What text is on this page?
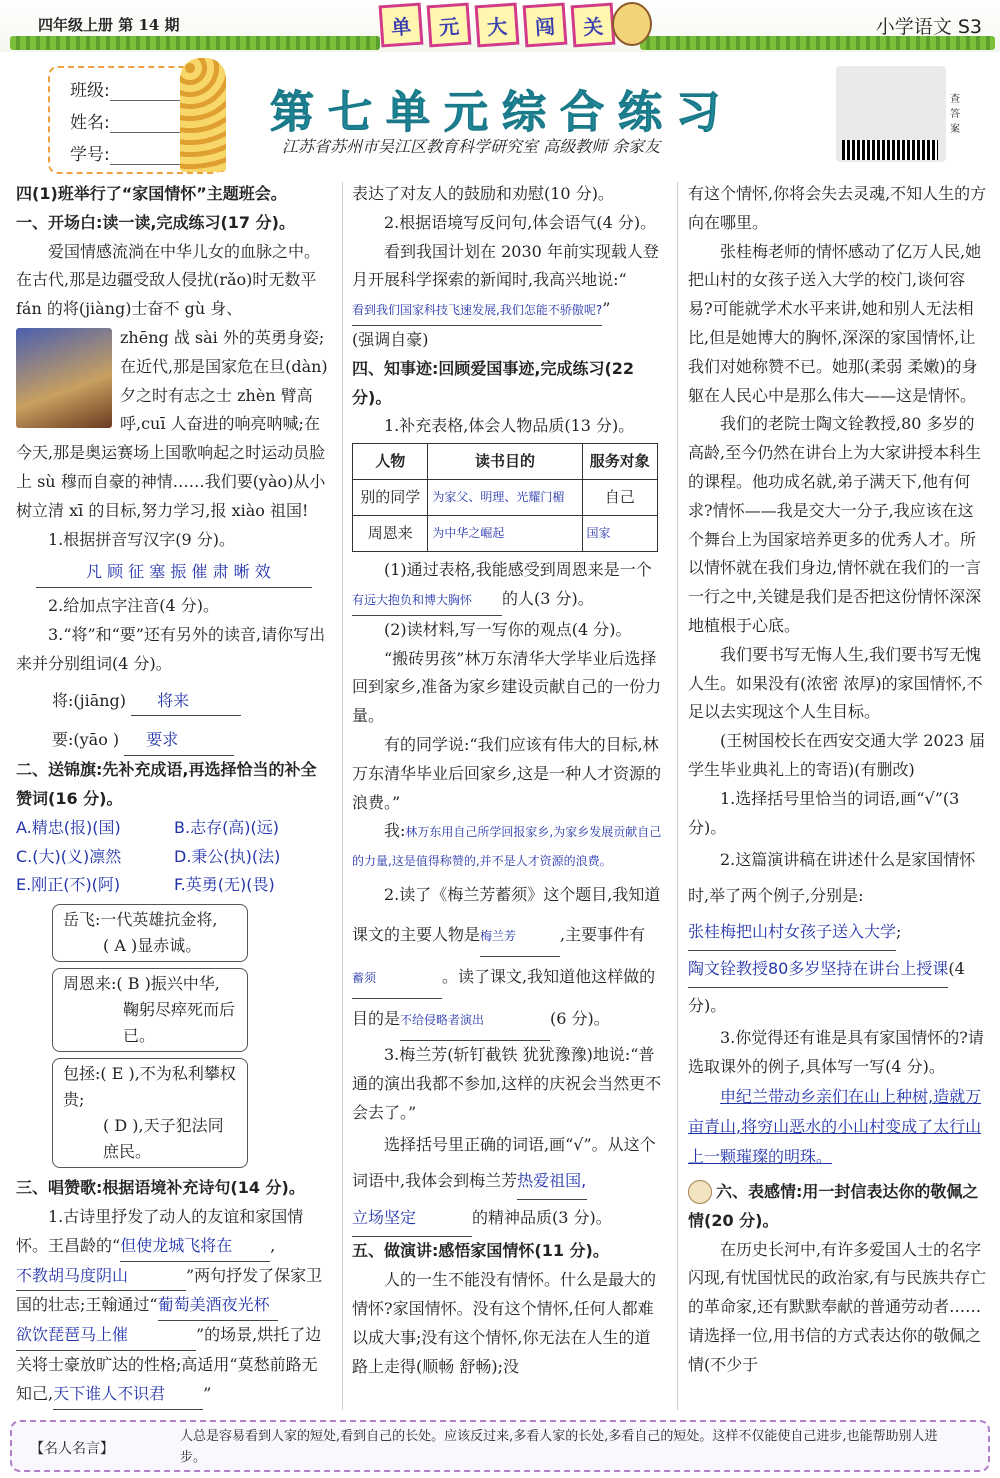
四年级上册 第 14 期	单	元	大	闯	关	小学语文 S3
班级:
姓名:
学号:
第七单元综合练习
江苏省苏州市吴江区教育科学研究室 高级教师 余家友
查答案
四(1)班举行了“家国情怀”主题班会。
一、开场白:读一读,完成练习(17 分)。

爱国情感流淌在中华儿女的血脉之中。在古代,那是边疆受敌人侵扰(rǎo)时无数平 fán 的将(jiàng)士奋不 gù 身、

zhēng 战 sài 外的英勇身姿;在近代,那是国家危在旦(dàn)夕之时有志之士 zhèn 臂高呼,cuī 人奋进的响亮呐喊;在今天,那是奥运赛场上国歌响起之时运动员脸上 sù 穆而自豪的神情……我们要(yào)从小树立清 xī 的目标,努力学习,报 xiào 祖国!

1.根据拼音写汉字(9 分)。

凡 顾 征 塞 振 催 肃 晰 效

2.给加点字注音(4 分)。

3.“将”和“要”还有另外的读音,请你写出来并分别组词(4 分)。

将:(jiāng) 将来
要:(yāo ) 要求
二、送锦旗:先补充成语,再选择恰当的补全赞词(16 分)。
A.精忠(报)(国)	B.志存(高)(远)
C.(大)(义)凛然	D.秉公(执)(法)
E.刚正(不)(阿)	F.英勇(无)(畏)
岳飞:一代英雄抗金将,
( A )显赤诚。
周恩来:( B )振兴中华,
鞠躬尽瘁死而后已。
包拯:( E ),不为私利攀权贵;
( D ),天子犯法同庶民。
三、唱赞歌:根据语境补充诗句(14 分)。

1.古诗里抒发了动人的友谊和家国情怀。王昌龄的“但使龙城飞将在 , 不教胡马度阴山	”两句抒发了保家卫国的壮志;王翰通过“葡萄美酒夜光杯 欲饮琵琶马上催	”的场景,烘托了边关将士豪放旷达的性格;高适用“莫愁前路无知己,天下谁人不识君 ”

表达了对友人的鼓励和劝慰(10 分)。

2.根据语境写反问句,体会语气(4 分)。

看到我国计划在 2030 年前实现载人登月开展科学探索的新闻时,我高兴地说:“看到我们国家科技飞速发展,我们怎能不骄傲呢?”

(强调自豪)
四、知事迹:回顾爱国事迹,完成练习(22 分)。

1.补充表格,体会人物品质(13 分)。

人物	读书目的	服务对象
别的同学	为家父、明理、光耀门楣	自己
周恩来	为中华之崛起	国家

(1)通过表格,我能感受到周恩来是一个有远大抱负和博大胸怀 的人(3 分)。

(2)读材料,写一写你的观点(4 分)。

“搬砖男孩”林万东清华大学毕业后选择回到家乡,准备为家乡建设贡献自己的一份力量。

有的同学说:“我们应该有伟大的目标,林万东清华毕业后回家乡,这是一种人才资源的浪费。”

我:林万东用自己所学回报家乡,为家乡发展贡献自己的力量,这是值得称赞的,并不是人才资源的浪费。

2.读了《梅兰芳蓄须》这个题目,我知道课文的主要人物是梅兰芳	,主要事件有蓄须	。读了课文,我知道他这样做的目的是不给侵略者演出	(6 分)。

3.梅兰芳(斩钉截铁 犹犹豫豫)地说:“普通的演出我都不参加,这样的庆祝会当然更不会去了。”

选择括号里正确的词语,画“√”。从这个词语中,我体会到梅兰芳热爱祖国,立场坚定	的精神品质(3 分)。

五、做演讲:感悟家国情怀(11 分)。

人的一生不能没有情怀。什么是最大的情怀?家国情怀。没有这个情怀,任何人都难以成大事;没有这个情怀,你无法在人生的道路上走得(顺畅 舒畅);没

有这个情怀,你将会失去灵魂,不知人生的方向在哪里。

张桂梅老师的情怀感动了亿万人民,她把山村的女孩子送入大学的校门,谈何容易?可能就学术水平来讲,她和别人无法相比,但是她博大的胸怀,深深的家国情怀,让我们对她称赞不已。她那(柔弱 柔嫩)的身躯在人民心中是那么伟大——这是情怀。

我们的老院士陶文铨教授,80 多岁的高龄,至今仍然在讲台上为大家讲授本科生的课程。他功成名就,弟子满天下,他有何求?情怀——我是交大一分子,我应该在这个舞台上为国家培养更多的优秀人才。所以情怀就在我们身边,情怀就在我们的一言一行之中,关键是我们是否把这份情怀深深地植根于心底。

我们要书写无悔人生,我们要书写无愧人生。如果没有(浓密 浓厚)的家国情怀,不足以去实现这个人生目标。

(王树国校长在西安交通大学 2023 届学生毕业典礼上的寄语)(有删改)

1.选择括号里恰当的词语,画“√”(3 分)。

2.这篇演讲稿在讲述什么是家国情怀时,举了两个例子,分别是:张桂梅把山村女孩子送入大学;陶文铨教授80多岁坚持在讲台上授课(4 分)。

3.你觉得还有谁是具有家国情怀的?请选取课外的例子,具体写一写(4 分)。

申纪兰带动乡亲们在山上种树,造就万亩青山,将穷山恶水的小山村变成了太行山上一颗璀璨的明珠。

六、表感情:用一封信表达你的敬佩之情(20 分)。

在历史长河中,有许多爱国人士的名字闪现,有忧国忧民的政治家,有与民族共存亡的革命家,还有默默奉献的普通劳动者……请选择一位,用书信的方式表达你的敬佩之情(不少于

【名人名言】
人总是容易看到人家的短处,看到自己的长处。应该反过来,多看人家的长处,多看自己的短处。这样不仅能使自己进步,也能帮助别人进步。
